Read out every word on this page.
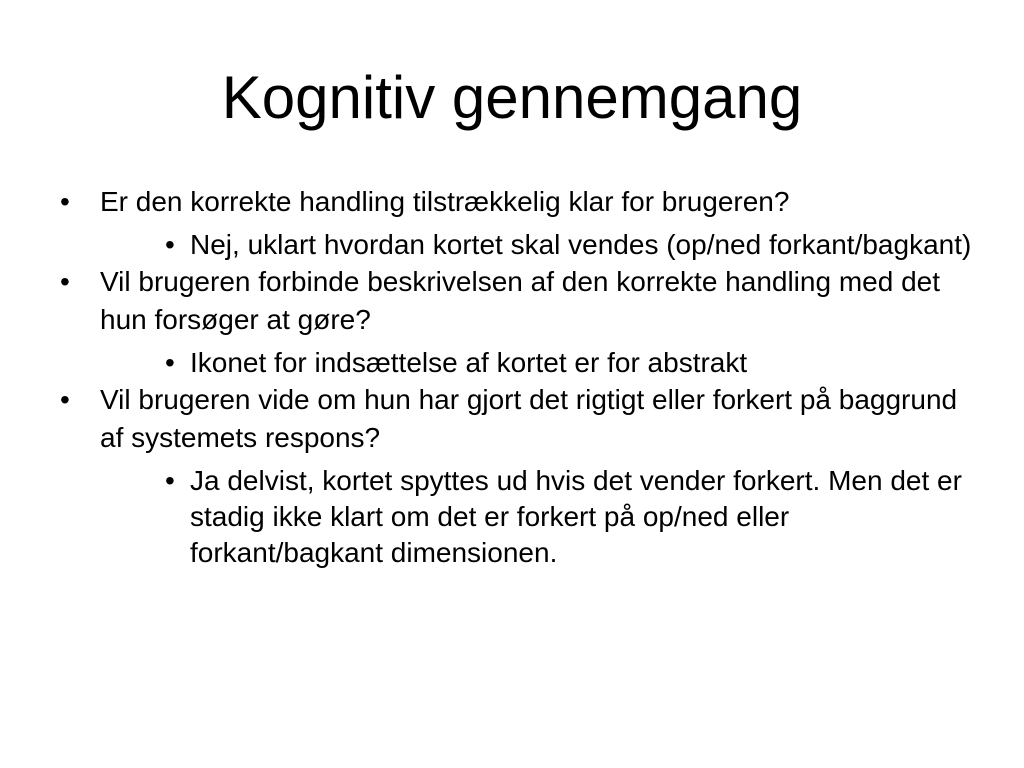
Kognitiv gennemgang
• Er den korrekte handling tilstrækkelig klar for brugeren?
• Nej, uklart hvordan kortet skal vendes (op/ned forkant/bagkant)
• Vil brugeren forbinde beskrivelsen af den korrekte handling med det hun forsøger at gøre?
• Ikonet for indsættelse af kortet er for abstrakt
• Vil brugeren vide om hun har gjort det rigtigt eller forkert på baggrund af systemets respons?
• Ja delvist, kortet spyttes ud hvis det vender forkert. Men det er stadig ikke klart om det er forkert på op/ned eller forkant/bagkant dimensionen.
